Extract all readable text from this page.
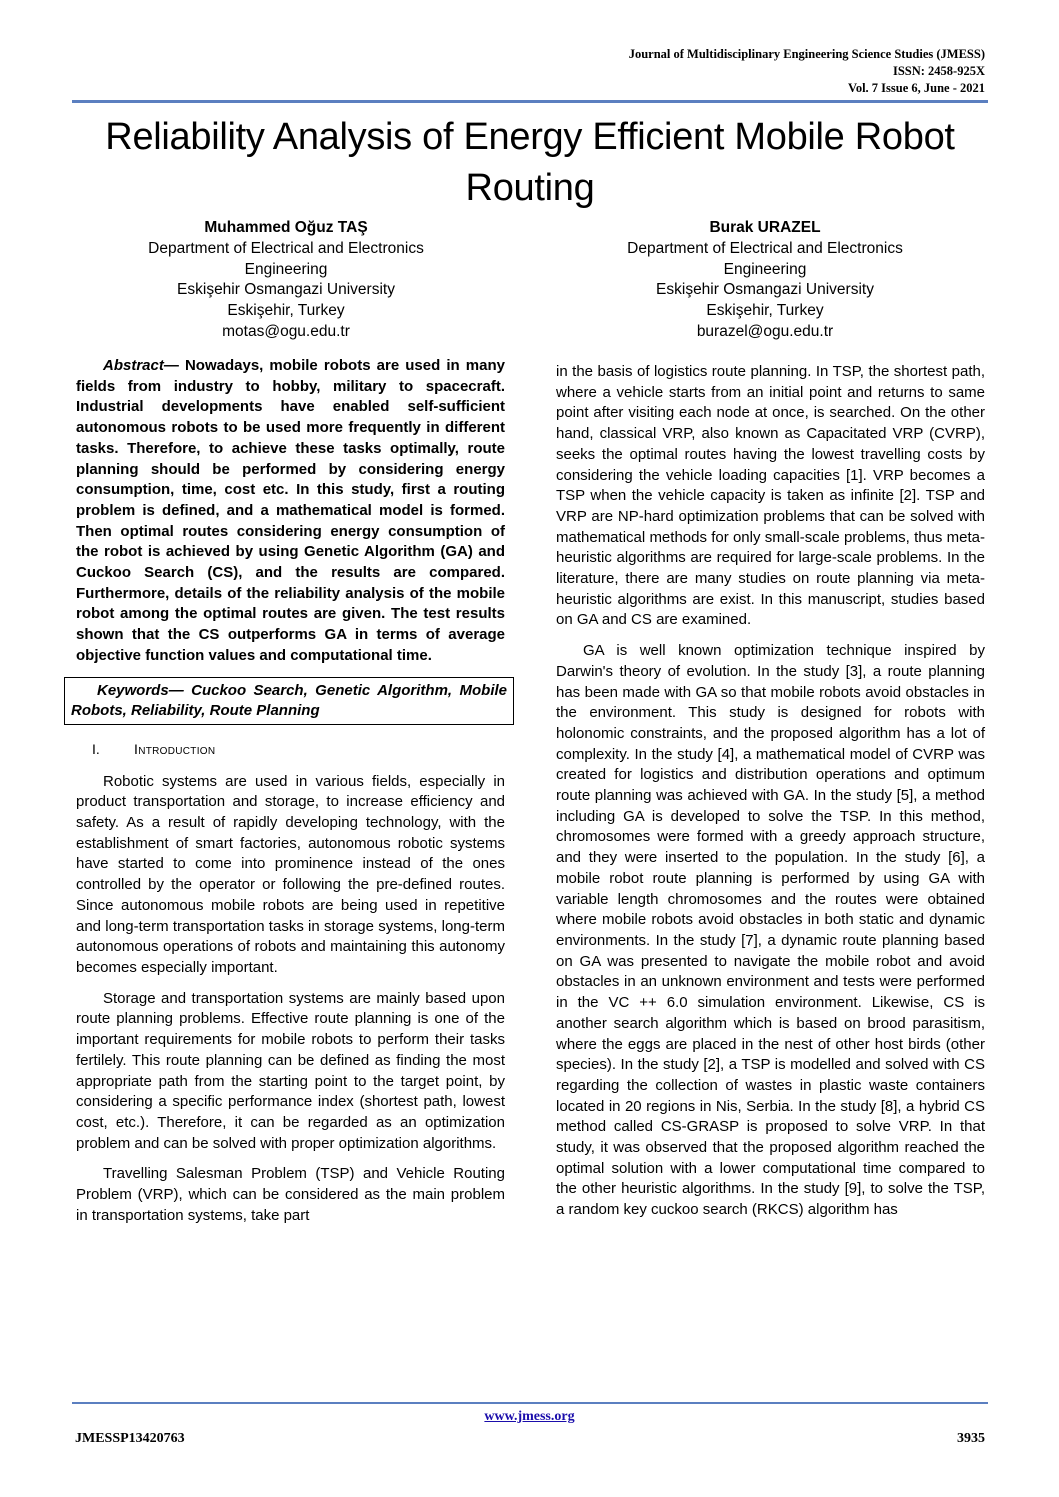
Journal of Multidisciplinary Engineering Science Studies (JMESS)
ISSN: 2458-925X
Vol. 7 Issue 6, June - 2021
Reliability Analysis of Energy Efficient Mobile Robot Routing
Muhammed Oğuz TAŞ
Department of Electrical and Electronics
Engineering
Eskişehir Osmangazi University
Eskişehir, Turkey
motas@ogu.edu.tr
Burak URAZEL
Department of Electrical and Electronics
Engineering
Eskişehir Osmangazi University
Eskişehir, Turkey
burazel@ogu.edu.tr

Abstract— Nowadays, mobile robots are used in many fields from industry to hobby, military to spacecraft. Industrial developments have enabled self-sufficient autonomous robots to be used more frequently in different tasks. Therefore, to achieve these tasks optimally, route planning should be performed by considering energy consumption, time, cost etc. In this study, first a routing problem is defined, and a mathematical model is formed. Then optimal routes considering energy consumption of the robot is achieved by using Genetic Algorithm (GA) and Cuckoo Search (CS), and the results are compared. Furthermore, details of the reliability analysis of the mobile robot among the optimal routes are given. The test results shown that the CS outperforms GA in terms of average objective function values and computational time.

Keywords— Cuckoo Search, Genetic Algorithm, Mobile Robots, Reliability, Route Planning
I. Introduction

Robotic systems are used in various fields, especially in product transportation and storage, to increase efficiency and safety. As a result of rapidly developing technology, with the establishment of smart factories, autonomous robotic systems have started to come into prominence instead of the ones controlled by the operator or following the pre-defined routes. Since autonomous mobile robots are being used in repetitive and long-term transportation tasks in storage systems, long-term autonomous operations of robots and maintaining this autonomy becomes especially important.

Storage and transportation systems are mainly based upon route planning problems. Effective route planning is one of the important requirements for mobile robots to perform their tasks fertilely. This route planning can be defined as finding the most appropriate path from the starting point to the target point, by considering a specific performance index (shortest path, lowest cost, etc.). Therefore, it can be regarded as an optimization problem and can be solved with proper optimization algorithms.

Travelling Salesman Problem (TSP) and Vehicle Routing Problem (VRP), which can be considered as the main problem in transportation systems, take part

in the basis of logistics route planning. In TSP, the shortest path, where a vehicle starts from an initial point and returns to same point after visiting each node at once, is searched. On the other hand, classical VRP, also known as Capacitated VRP (CVRP), seeks the optimal routes having the lowest travelling costs by considering the vehicle loading capacities [1]. VRP becomes a TSP when the vehicle capacity is taken as infinite [2]. TSP and VRP are NP-hard optimization problems that can be solved with mathematical methods for only small-scale problems, thus meta-heuristic algorithms are required for large-scale problems. In the literature, there are many studies on route planning via meta-heuristic algorithms are exist. In this manuscript, studies based on GA and CS are examined.

GA is well known optimization technique inspired by Darwin's theory of evolution. In the study [3], a route planning has been made with GA so that mobile robots avoid obstacles in the environment. This study is designed for robots with holonomic constraints, and the proposed algorithm has a lot of complexity. In the study [4], a mathematical model of CVRP was created for logistics and distribution operations and optimum route planning was achieved with GA. In the study [5], a method including GA is developed to solve the TSP. In this method, chromosomes were formed with a greedy approach structure, and they were inserted to the population. In the study [6], a mobile robot route planning is performed by using GA with variable length chromosomes and the routes were obtained where mobile robots avoid obstacles in both static and dynamic environments. In the study [7], a dynamic route planning based on GA was presented to navigate the mobile robot and avoid obstacles in an unknown environment and tests were performed in the VC ++ 6.0 simulation environment. Likewise, CS is another search algorithm which is based on brood parasitism, where the eggs are placed in the nest of other host birds (other species). In the study [2], a TSP is modelled and solved with CS regarding the collection of wastes in plastic waste containers located in 20 regions in Nis, Serbia. In the study [8], a hybrid CS method called CS-GRASP is proposed to solve VRP. In that study, it was observed that the proposed algorithm reached the optimal solution with a lower computational time compared to the other heuristic algorithms. In the study [9], to solve the TSP, a random key cuckoo search (RKCS) algorithm has

www.jmess.org
JMESSP13420763	3935
